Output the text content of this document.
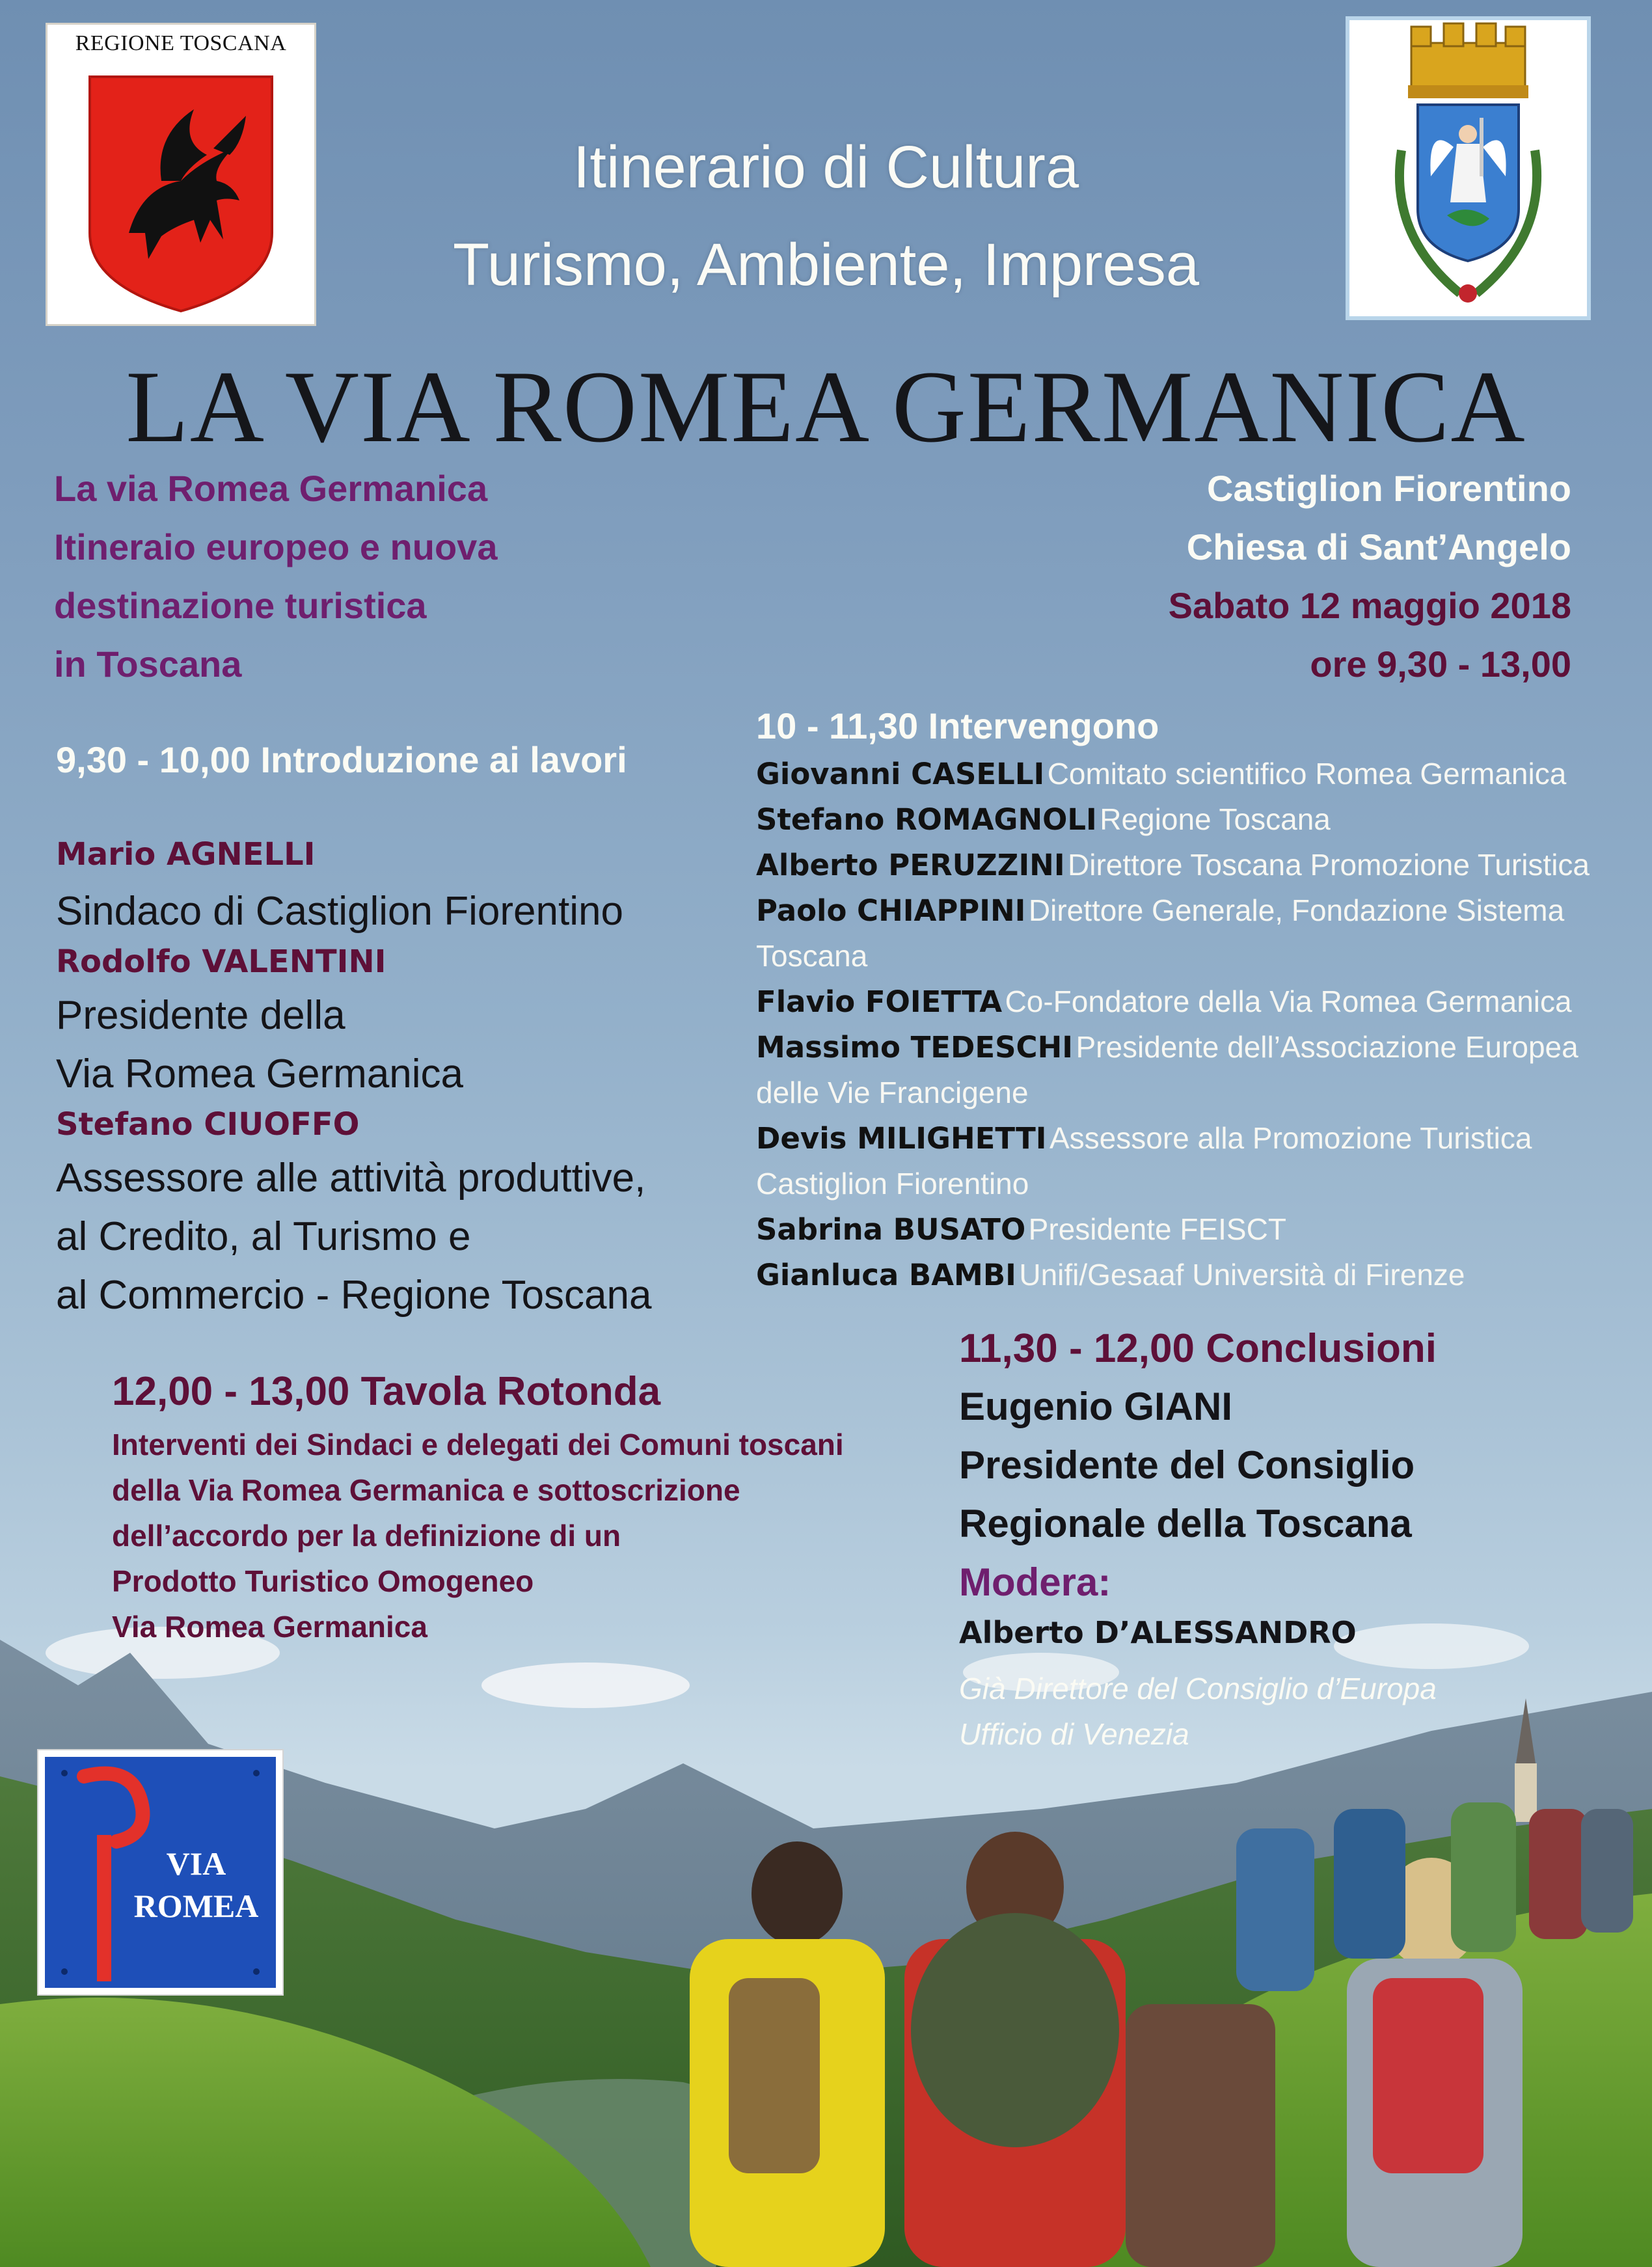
REGIONE TOSCANA
Itinerario di Cultura
Turismo, Ambiente, Impresa
LA VIA ROMEA GERMANICA
La via Romea Germanica
Itineraio europeo e nuova
destinazione turistica
in Toscana
Castiglion Fiorentino
Chiesa di Sant’Angelo
Sabato 12 maggio 2018
ore 9,30 - 13,00
9,30 - 10,00 Introduzione ai lavori
Mario AGNELLI
Sindaco di Castiglion Fiorentino
Rodolfo VALENTINI
Presidente della
Via Romea Germanica
Stefano CIUOFFO
Assessore alle attività produttive,
al Credito, al Turismo e
al Commercio - Regione Toscana
10 - 11,30 Intervengono
Giovanni CASELLI Comitato scientifico Romea Germanica
Stefano ROMAGNOLI Regione Toscana
Alberto PERUZZINI Direttore Toscana Promozione Turistica
Paolo CHIAPPINI Direttore Generale, Fondazione Sistema
Toscana
Flavio FOIETTA Co-Fondatore della Via Romea Germanica
Massimo TEDESCHI Presidente dell’Associazione Europea
delle Vie Francigene
Devis MILIGHETTI Assessore alla Promozione Turistica
Castiglion Fiorentino
Sabrina BUSATO Presidente FEISCT
Gianluca BAMBI Unifi/Gesaaf Università di Firenze
11,30 - 12,00 Conclusioni
Eugenio GIANI
Presidente del Consiglio
Regionale della Toscana
Modera:
Alberto D’ALESSANDRO
Già Direttore del Consiglio d’Europa
Ufficio di Venezia
12,00 - 13,00 Tavola Rotonda
Interventi dei Sindaci e delegati dei Comuni toscani
della Via Romea Germanica e sottoscrizione
dell’accordo per la definizione di un
Prodotto Turistico Omogeneo
Via Romea Germanica
VIA
ROMEA
